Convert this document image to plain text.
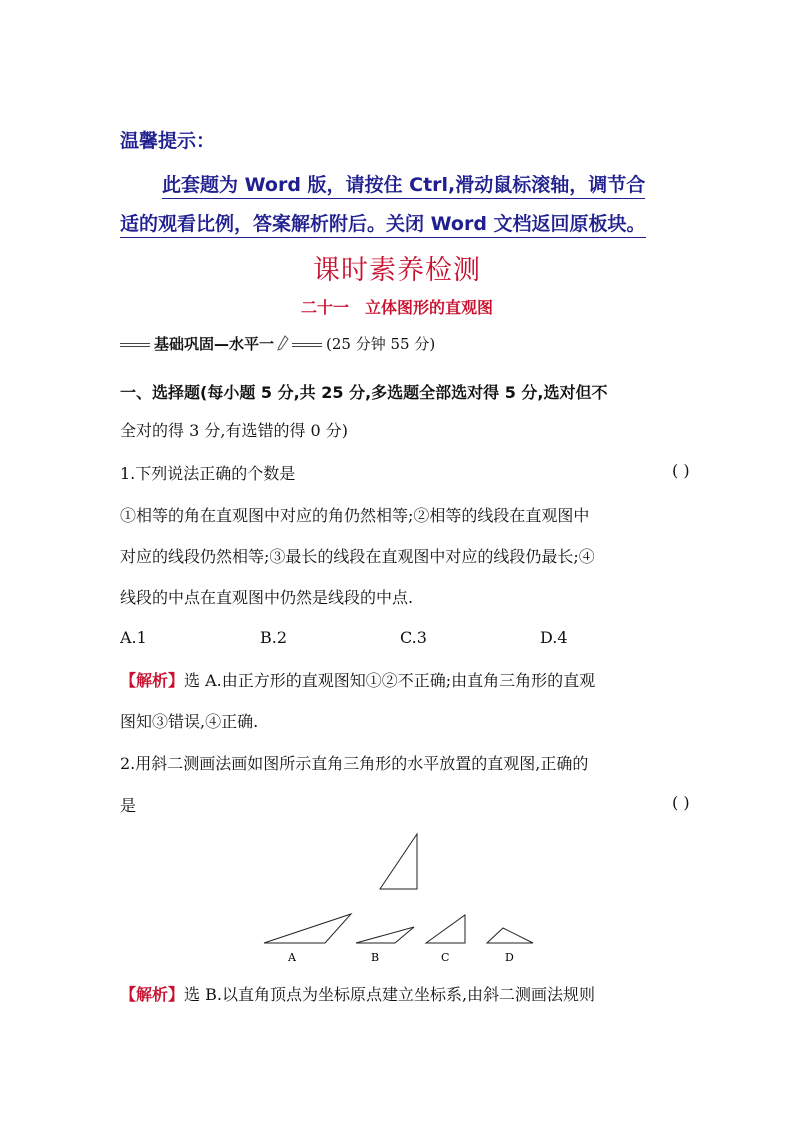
温馨提示：
此套题为 Word 版，请按住 Ctrl,滑动鼠标滚轴，调节合
适的观看比例，答案解析附后。关闭 Word 文档返回原板块。
课时素养检测
二十一 立体图形的直观图
基础巩固—水平一	(25 分钟 55 分)
一、选择题(每小题 5 分,共 25 分,多选题全部选对得 5 分,选对但不
全对的得 3 分,有选错的得 0 分)
1.下列说法正确的个数是	( )
①相等的角在直观图中对应的角仍然相等;②相等的线段在直观图中
对应的线段仍然相等;③最长的线段在直观图中对应的线段仍最长;④
线段的中点在直观图中仍然是线段的中点.
A.1	B.2	C.3	D.4
【解析】选 A.由正方形的直观图知①②不正确;由直角三角形的直观
图知③错误,④正确.
2.用斜二测画法画如图所示直角三角形的水平放置的直观图,正确的
是	( )
A	B	C	D
【解析】选 B.以直角顶点为坐标原点建立坐标系,由斜二测画法规则
